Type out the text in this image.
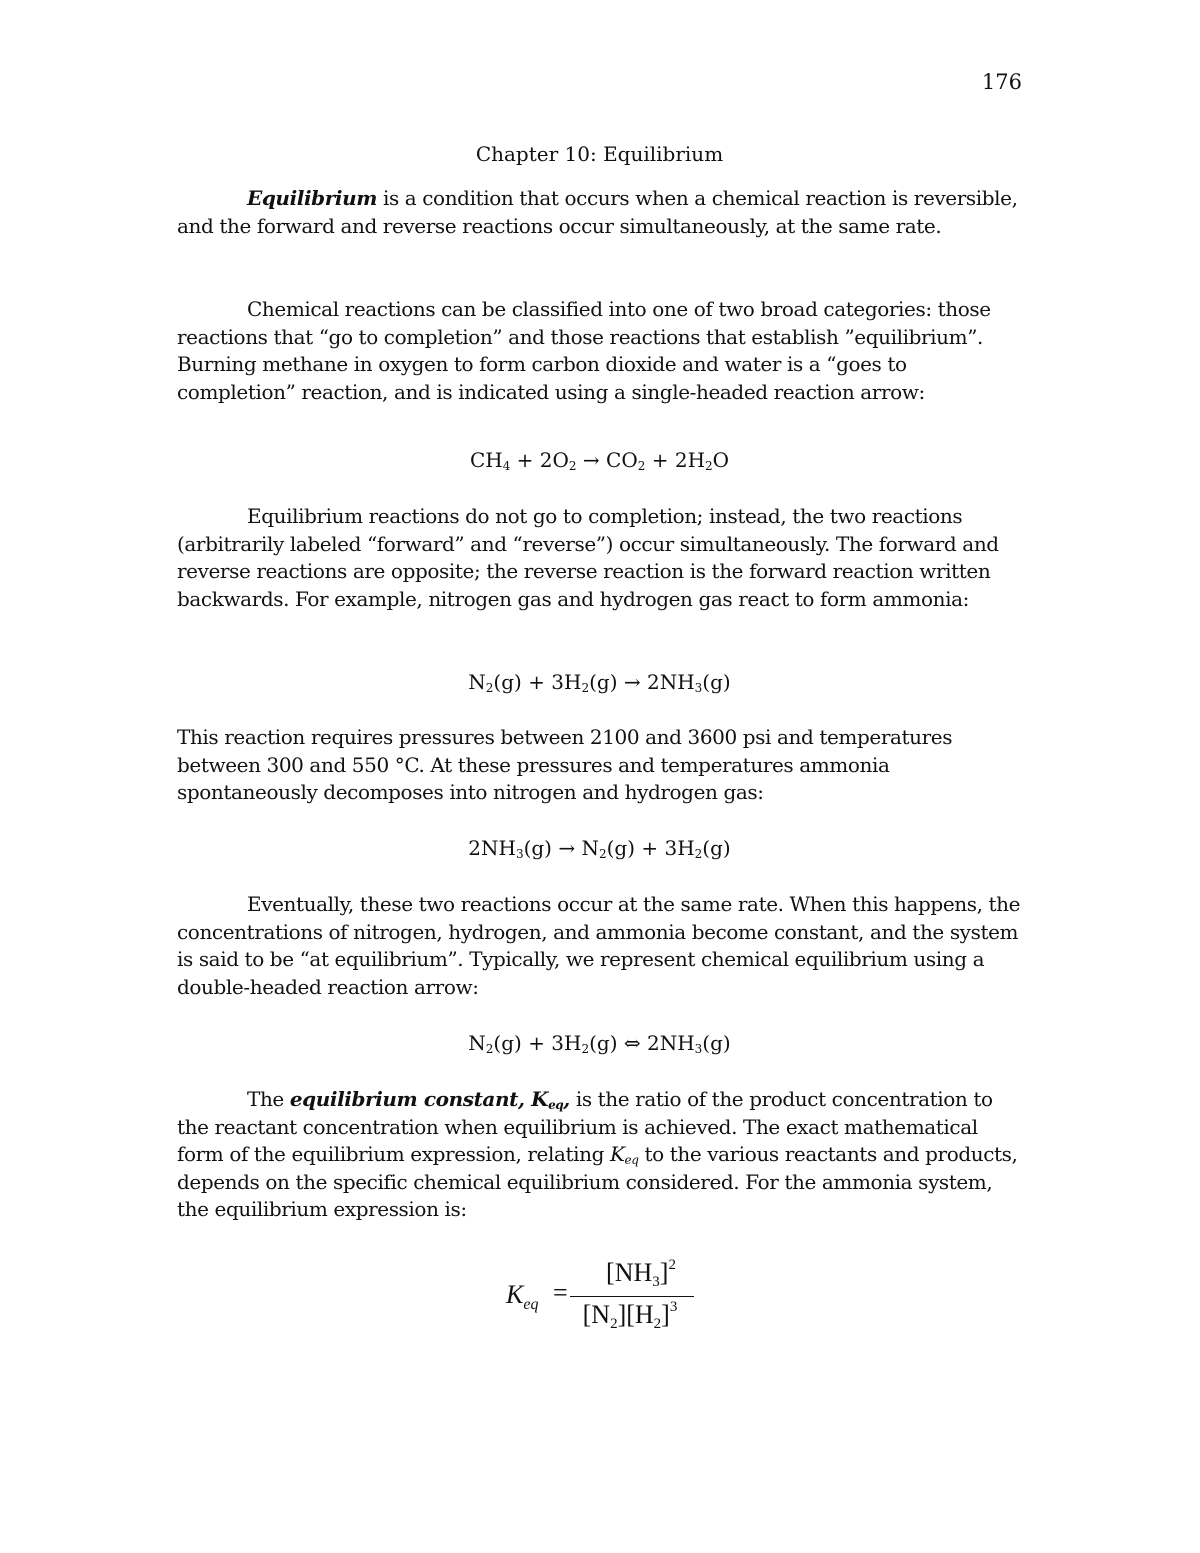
176
Chapter 10: Equilibrium

Equilibrium is a condition that occurs when a chemical reaction is reversible, and the forward and reverse reactions occur simultaneously, at the same rate.

Chemical reactions can be classified into one of two broad categories: those reactions that “go to completion” and those reactions that establish ”equilibrium”. Burning methane in oxygen to form carbon dioxide and water is a “goes to completion” reaction, and is indicated using a single-headed reaction arrow:

$CH_4 + 2O_2 \to CO_2 + 2H_2O$

Equilibrium reactions do not go to completion; instead, the two reactions (arbitrarily labeled “forward” and “reverse”) occur simultaneously. The forward and reverse reactions are opposite; the reverse reaction is the forward reaction written backwards. For example, nitrogen gas and hydrogen gas react to form ammonia:

$N_2(g) + 3H_2(g) \to 2NH_3(g)$

This reaction requires pressures between 2100 and 3600 psi and temperatures between 300 and 550 °C. At these pressures and temperatures ammonia spontaneously decomposes into nitrogen and hydrogen gas:

$2NH_3(g) \to N_2(g) + 3H_2(g)$

Eventually, these two reactions occur at the same rate. When this happens, the concentrations of nitrogen, hydrogen, and ammonia become constant, and the system is said to be “at equilibrium”. Typically, we represent chemical equilibrium using a double-headed reaction arrow:

$N_2(g) + 3H_2(g)$ ⇔ $2NH_3(g)$

The equilibrium constant, $K_{eq}$, is the ratio of the product concentration to the reactant concentration when equilibrium is achieved. The exact mathematical form of the equilibrium expression, relating $K_{eq}$ to the various reactants and products, depends on the specific chemical equilibrium considered. For the ammonia system, the equilibrium expression is:

$K_{eq}$ =
$[NH_3]^2$
$[N_2][H_2]^3$
